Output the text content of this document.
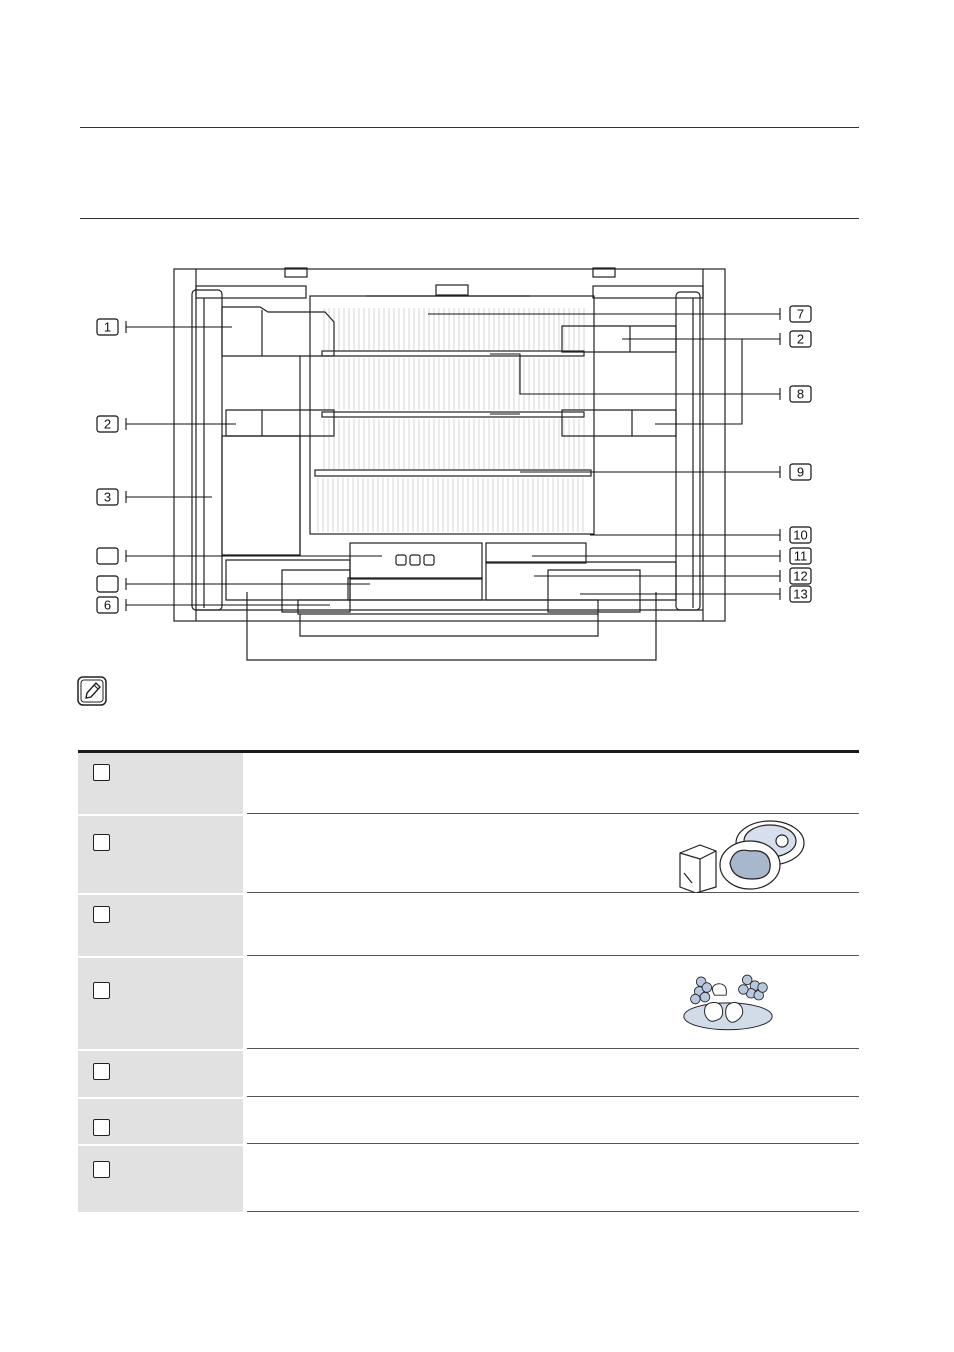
1
2
3
6
7
2
8
9
10
11
12
13
